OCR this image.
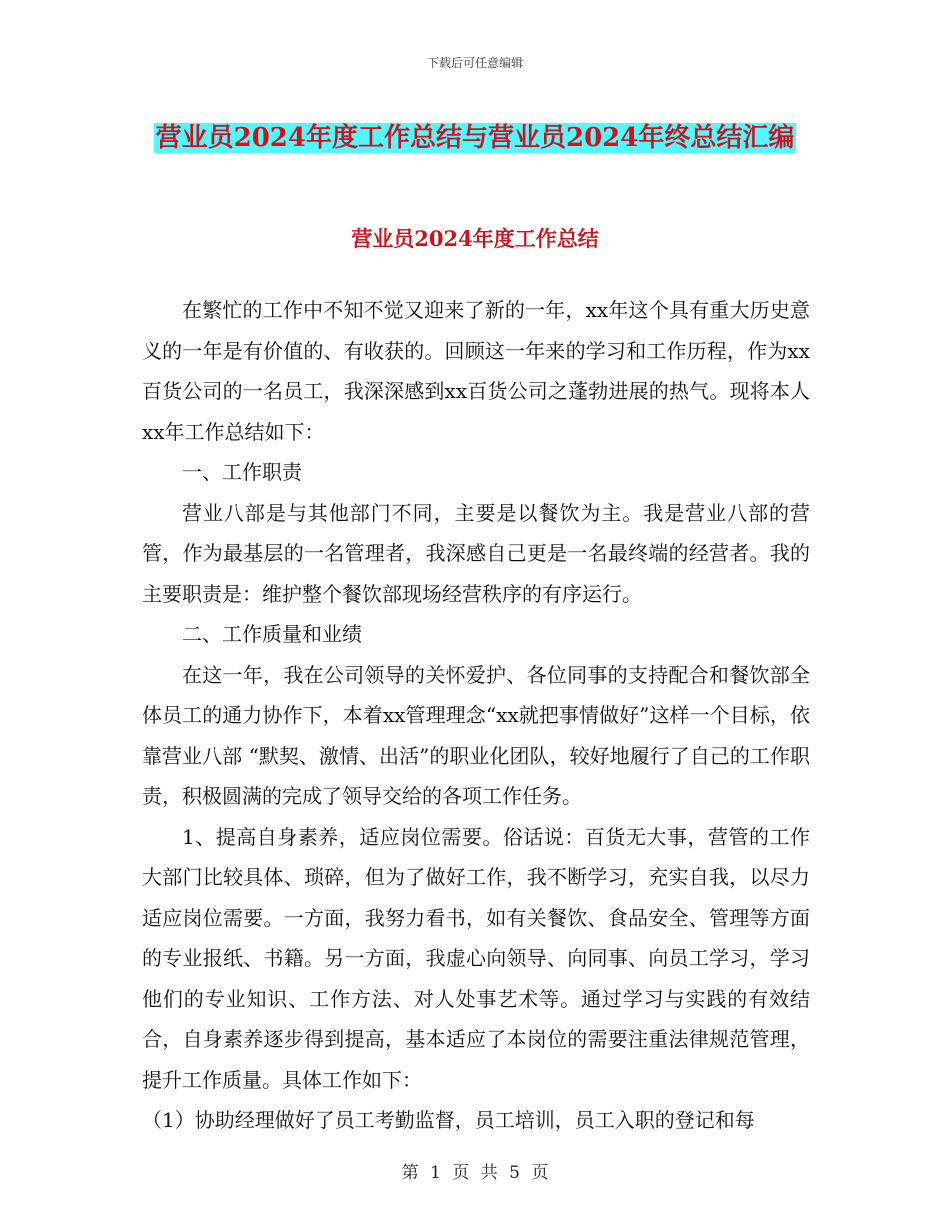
下载后可任意编辑
营业员2024年度工作总结与营业员2024年终总结汇编
营业员2024年度工作总结

在繁忙的工作中不知不觉又迎来了新的一年，xx年这个具有重大历史意义的一年是有价值的、有收获的。回顾这一年来的学习和工作历程，作为xx百货公司的一名员工，我深深感到xx百货公司之蓬勃进展的热气。现将本人xx年工作总结如下：

一、工作职责

营业八部是与其他部门不同，主要是以餐饮为主。我是营业八部的营管，作为最基层的一名管理者，我深感自己更是一名最终端的经营者。我的主要职责是：维护整个餐饮部现场经营秩序的有序运行。

二、工作质量和业绩

在这一年，我在公司领导的关怀爱护、各位同事的支持配合和餐饮部全体员工的通力协作下，本着xx管理理念“xx就把事情做好”这样一个目标，依靠营业八部 “默契、激情、出活”的职业化团队，较好地履行了自己的工作职责，积极圆满的完成了领导交给的各项工作任务。

1、提高自身素养，适应岗位需要。俗话说：百货无大事，营管的工作大部门比较具体、琐碎，但为了做好工作，我不断学习，充实自我，以尽力适应岗位需要。一方面，我努力看书，如有关餐饮、食品安全、管理等方面的专业报纸、书籍。另一方面，我虚心向领导、向同事、向员工学习，学习他们的专业知识、工作方法、对人处事艺术等。通过学习与实践的有效结合，自身素养逐步得到提高，基本适应了本岗位的需要注重法律规范管理，提升工作质量。具体工作如下：

（1）协助经理做好了员工考勤监督，员工培训，员工入职的登记和每

第 1 页 共 5 页
